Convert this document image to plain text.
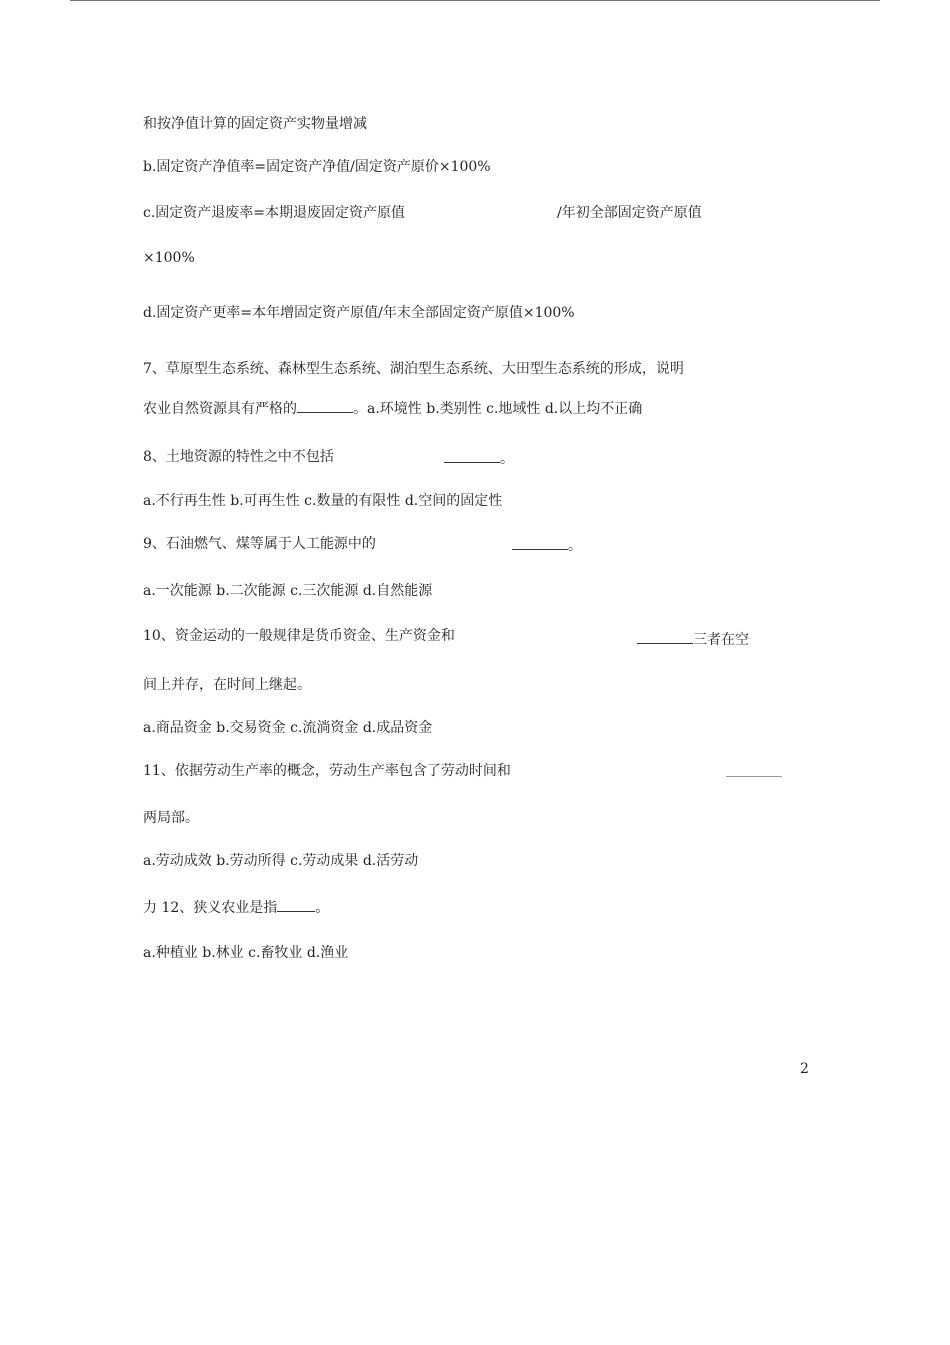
和按净值计算的固定资产实物量增减
b.固定资产净值率=固定资产净值/固定资产原价×100%
c.固定资产退废率=本期退废固定资产原值	/年初全部固定资产原值
×100%
d.固定资产更率=本年增固定资产原值/年末全部固定资产原值×100%
7、草原型生态系统、森林型生态系统、湖泊型生态系统、大田型生态系统的形成，说明
农业自然资源具有严格的	。a.环境性 b.类别性 c.地域性 d.以上均不正确
8、土地资源的特性之中不包括	。
a.不行再生性 b.可再生性 c.数量的有限性 d.空间的固定性
9、石油燃气、煤等属于人工能源中的	。
a.一次能源 b.二次能源 c.三次能源 d.自然能源
10、资金运动的一般规律是货币资金、生产资金和	三者在空
间上并存，在时间上继起。
a.商品资金 b.交易资金 c.流淌资金 d.成品资金
11、依据劳动生产率的概念，劳动生产率包含了劳动时间和
两局部。
a.劳动成效 b.劳动所得 c.劳动成果 d.活劳动
力 12、狭义农业是指	。
a.种植业 b.林业 c.畜牧业 d.渔业
2
